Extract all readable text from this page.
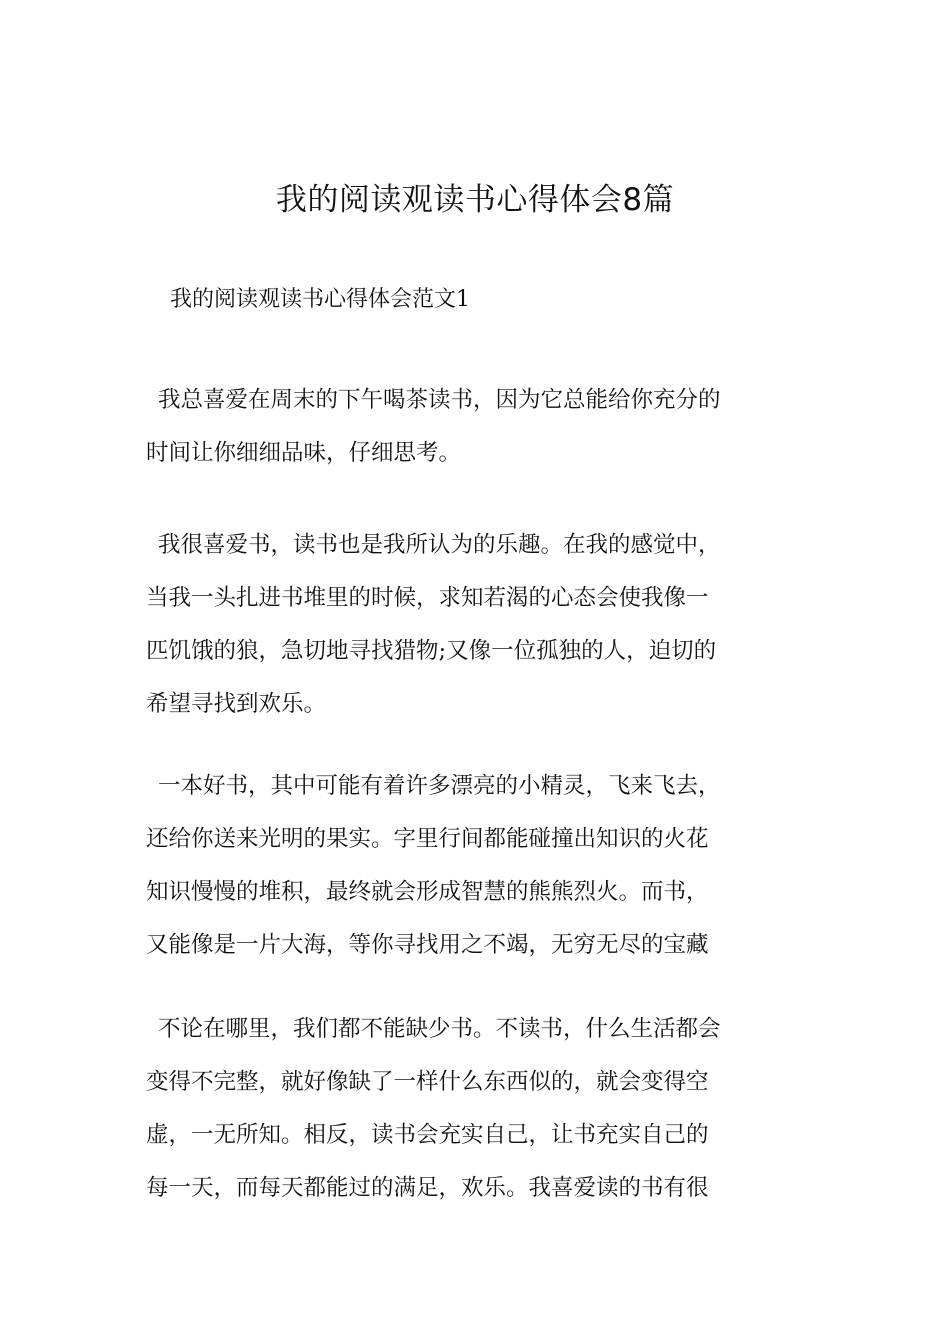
我的阅读观读书心得体会8篇

我的阅读观读书心得体会范文1

我总喜爱在周末的下午喝茶读书，因为它总能给你充分的
时间让你细细品味，仔细思考。
我很喜爱书，读书也是我所认为的乐趣。在我的感觉中，
当我一头扎进书堆里的时候，求知若渴的心态会使我像一
匹饥饿的狼，急切地寻找猎物;又像一位孤独的人，迫切的
希望寻找到欢乐。
一本好书，其中可能有着许多漂亮的小精灵，飞来飞去，
还给你送来光明的果实。字里行间都能碰撞出知识的火花
知识慢慢的堆积，最终就会形成智慧的熊熊烈火。而书，
又能像是一片大海，等你寻找用之不竭，无穷无尽的宝藏
不论在哪里，我们都不能缺少书。不读书，什么生活都会
变得不完整，就好像缺了一样什么东西似的，就会变得空
虚，一无所知。相反，读书会充实自己，让书充实自己的
每一天，而每天都能过的满足，欢乐。我喜爱读的书有很
